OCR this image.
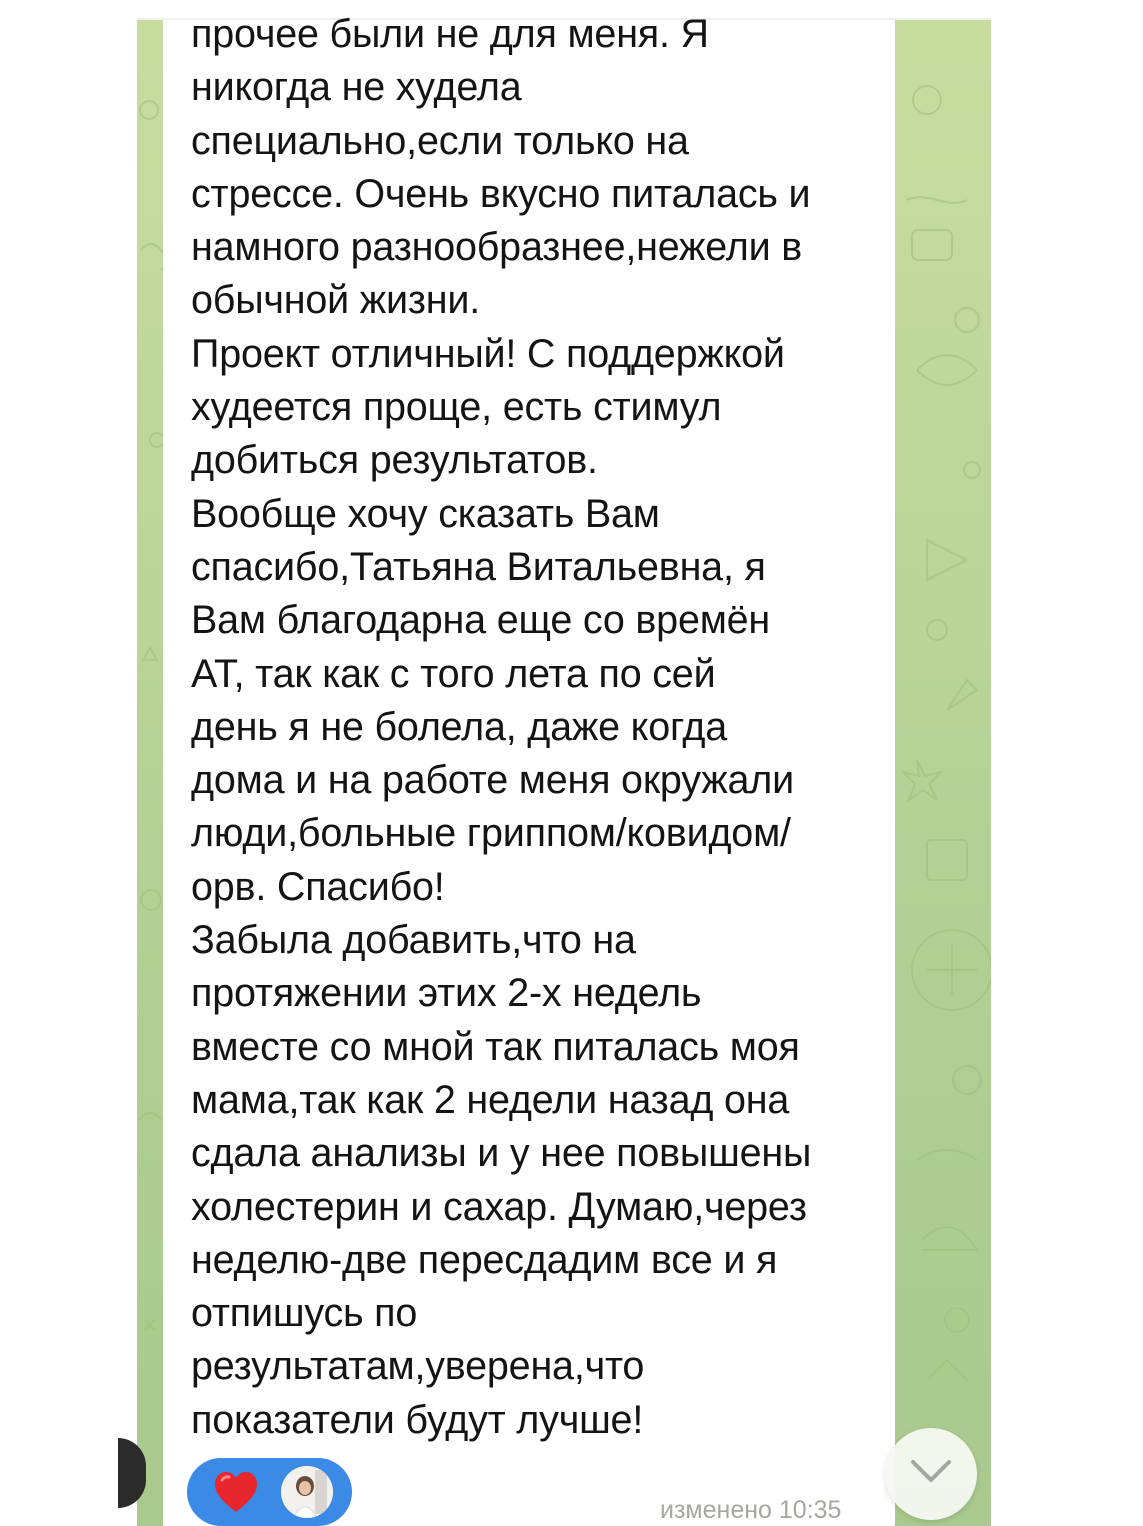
прочее были не для меня. Я
никогда не худела
специально,если только на
стрессе. Очень вкусно питалась и
намного разнообразнее,нежели в
обычной жизни.
Проект отличный! С поддержкой
худеется проще, есть стимул
добиться результатов.
Вообще хочу сказать Вам
спасибо,Татьяна Витальевна, я
Вам благодарна еще со времён
АТ, так как с того лета по сей
день я не болела, даже когда
дома и на работе меня окружали
люди,больные гриппом/ковидом/
орв. Спасибо!
Забыла добавить,что на
протяжении этих 2-х недель
вместе со мной так питалась моя
мама,так как 2 недели назад она
сдала анализы и у нее повышены
холестерин и сахар. Думаю,через
неделю-две пересдадим все и я
отпишусь по
результатам,уверена,что
показатели будут лучше!

изменено 10:35
